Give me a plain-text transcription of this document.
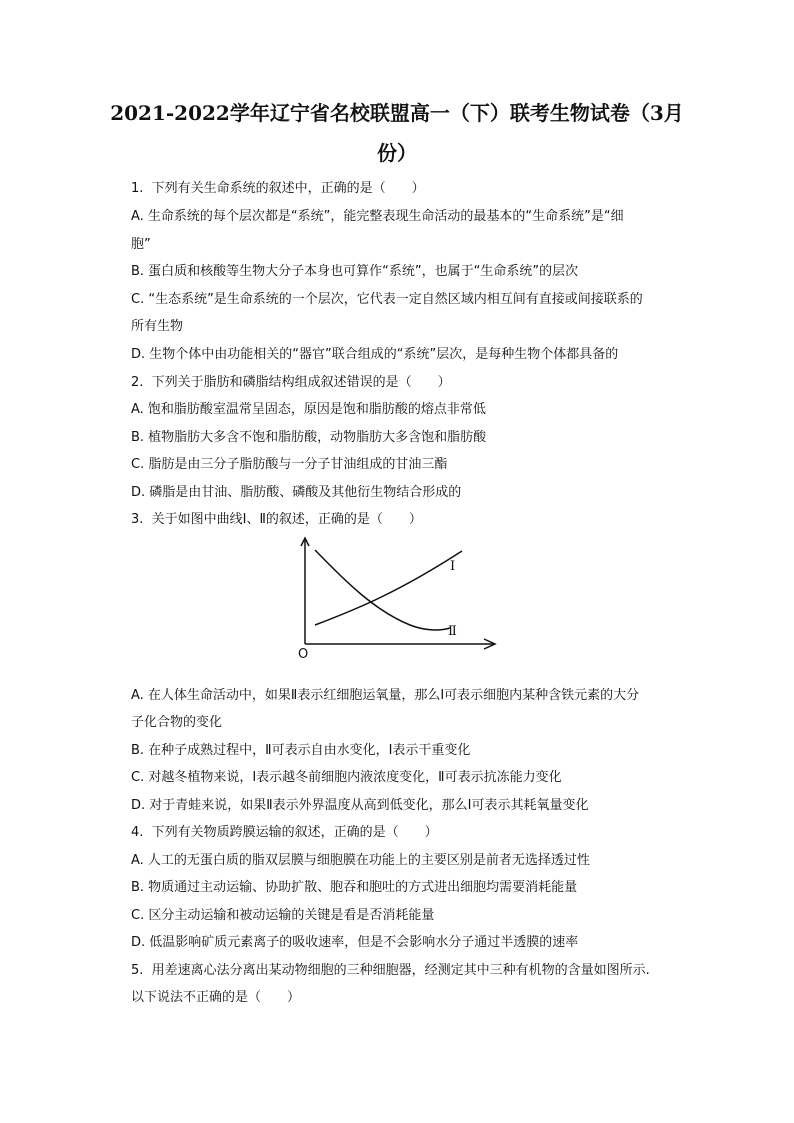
2021-2022学年辽宁省名校联盟高一（下）联考生物试卷（3月
份）
1. 下列有关生命系统的叙述中，正确的是（　　）
A. 生命系统的每个层次都是“系统”，能完整表现生命活动的最基本的“生命系统”是“细
胞”
B. 蛋白质和核酸等生物大分子本身也可算作“系统”，也属于“生命系统”的层次
C. “生态系统”是生命系统的一个层次，它代表一定自然区域内相互间有直接或间接联系的
所有生物
D. 生物个体中由功能相关的“器官”联合组成的“系统”层次，是每种生物个体都具备的
2. 下列关于脂肪和磷脂结构组成叙述错误的是（　　）
A. 饱和脂肪酸室温常呈固态，原因是饱和脂肪酸的熔点非常低
B. 植物脂肪大多含不饱和脂肪酸，动物脂肪大多含饱和脂肪酸
C. 脂肪是由三分子脂肪酸与一分子甘油组成的甘油三酯
D. 磷脂是由甘油、脂肪酸、磷酸及其他衍生物结合形成的
3. 关于如图中曲线Ⅰ、Ⅱ的叙述，正确的是（　　）
Ⅰ
Ⅱ
O
A. 在人体生命活动中，如果Ⅱ表示红细胞运氧量，那么Ⅰ可表示细胞内某种含铁元素的大分
子化合物的变化
B. 在种子成熟过程中，Ⅱ可表示自由水变化，Ⅰ表示干重变化
C. 对越冬植物来说，Ⅰ表示越冬前细胞内液浓度变化，Ⅱ可表示抗冻能力变化
D. 对于青蛙来说，如果Ⅱ表示外界温度从高到低变化，那么Ⅰ可表示其耗氧量变化
4. 下列有关物质跨膜运输的叙述，正确的是（　　）
A. 人工的无蛋白质的脂双层膜与细胞膜在功能上的主要区别是前者无选择透过性
B. 物质通过主动运输、协助扩散、胞吞和胞吐的方式进出细胞均需要消耗能量
C. 区分主动运输和被动运输的关键是看是否消耗能量
D. 低温影响矿质元素离子的吸收速率，但是不会影响水分子通过半透膜的速率
5. 用差速离心法分离出某动物细胞的三种细胞器，经测定其中三种有机物的含量如图所示.
以下说法不正确的是（　　）
